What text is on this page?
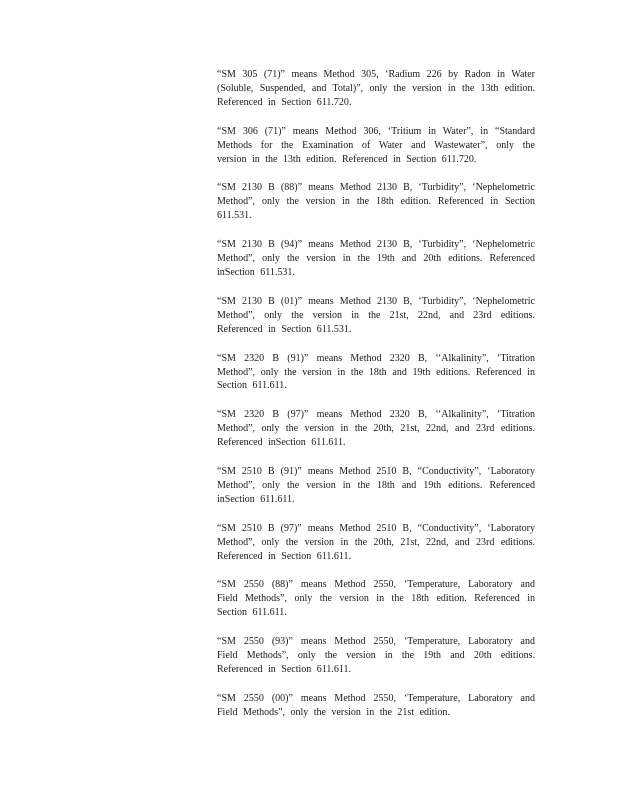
“SM 305 (71)” means Method 305, ‘Radium 226 by Radon in Water (Soluble, Suspended, and Total)”, only the version in the 13th edition. Referenced in Section 611.720.

“SM 306 (71)” means Method 306, ‘Tritium in Water”, in “Standard Methods for the Examination of Water and Wastewater”, only the version in the 13th edition. Referenced in Section 611.720.

“SM 2130 B (88)” means Method 2130 B, ‘Turbidity”, ‘Nephelometric Method”, only the version in the 18th edition. Referenced in Section 611.531.

“SM 2130 B (94)” means Method 2130 B, ‘Turbidity”, ‘Nephelometric Method”, only the version in the 19th and 20th editions. Referenced inSection 611.531.

“SM 2130 B (01)” means Method 2130 B, ‘Turbidity”, ‘Nephelometric Method”, only the version in the 21st, 22nd, and 23rd editions. Referenced in Section 611.531.

“SM 2320 B (91)” means Method 2320 B, ‘‘Alkalinity”, ‘Titration Method”, only the version in the 18th and 19th editions. Referenced in Section 611.611.

“SM 2320 B (97)” means Method 2320 B, ‘‘Alkalinity”, ‘Titration Method”, only the version in the 20th, 21st, 22nd, and 23rd editions. Referenced inSection 611.611.

“SM 2510 B (91)” means Method 2510 B, “Conductivity”, ‘Laboratory Method”, only the version in the 18th and 19th editions. Referenced inSection 611.611.

“SM 2510 B (97)” means Method 2510 B, “Conductivity”, ‘Laboratory Method”, only the version in the 20th, 21st, 22nd, and 23rd editions. Referenced in Section 611.611.

“SM 2550 (88)” means Method 2550, ‘Temperature, Laboratory and Field Methods”, only the version in the 18th edition. Referenced in Section 611.611.

“SM 2550 (93)” means Method 2550, ‘Temperature, Laboratory and Field Methods”, only the version in the 19th and 20th editions. Referenced in Section 611.611.

“SM 2550 (00)” means Method 2550, ‘Temperature, Laboratory and Field Methods”, only the version in the 21st edition.
